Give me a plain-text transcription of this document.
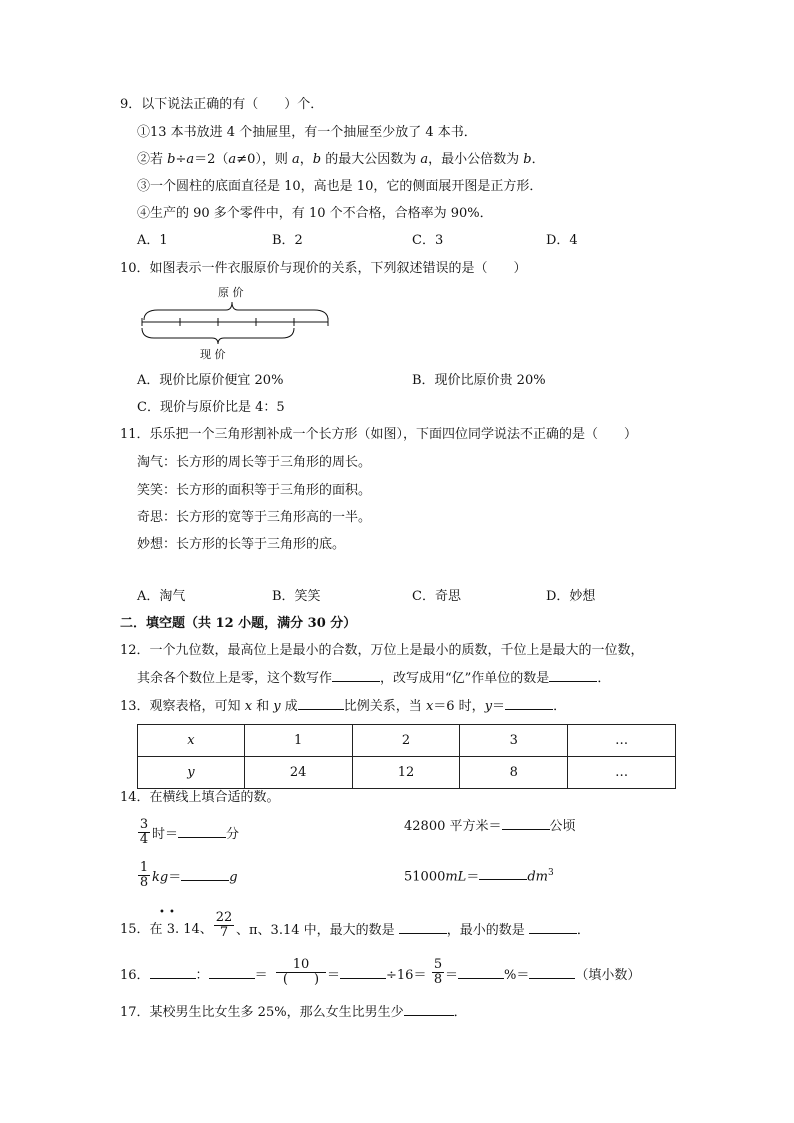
9．以下说法正确的有（　　）个．
①13 本书放进 4 个抽屉里，有一个抽屉至少放了 4 本书．
②若 b÷a＝2（a≠0），则 a，b 的最大公因数为 a，最小公倍数为 b．
③一个圆柱的底面直径是 10，高也是 10，它的侧面展开图是正方形．
④生产的 90 多个零件中，有 10 个不合格，合格率为 90%．
A．1	B．2	C．3	D．4
10．如图表示一件衣服原价与现价的关系，下列叙述错误的是（　　）
原 价
现 价
A．现价比原价便宜 20%	B．现价比原价贵 20%
C．现价与原价比是 4：5
11．乐乐把一个三角形割补成一个长方形（如图），下面四位同学说法不正确的是（　　）
淘气：长方形的周长等于三角形的周长。
笑笑：长方形的面积等于三角形的面积。
奇思：长方形的宽等于三角形高的一半。
妙想：长方形的长等于三角形的底。
A．淘气	B．笑笑	C．奇思	D．妙想
二．填空题（共 12 小题，满分 30 分）
12．一个九位数，最高位上是最小的合数，万位上是最小的质数，千位上是最大的一位数，
其余各个数位上是零，这个数写作	，改写成用“亿”作单位的数是	．
13．观察表格，可知 x 和 y 成	比例关系，当 x＝6 时，y＝	．
x	1	2	3	…
y	24	12	8	…
14．在横线上填合适的数。
$\frac{3}{4}$ 时＝	分
$\frac{1}{8} kg=$	g
42800 平方米＝	公顷
51000mL＝	$dm^3$
• •
15．在 3. 14、 $\frac{22}{7}$ 、π、3.14 中，最大的数是	，最小的数是	．
16．	：	＝
10
(　　) ＝	$\div 16= \frac{5}{8}$ ＝	%＝	（填小数）
17．某校男生比女生多 25%，那么女生比男生少	．
